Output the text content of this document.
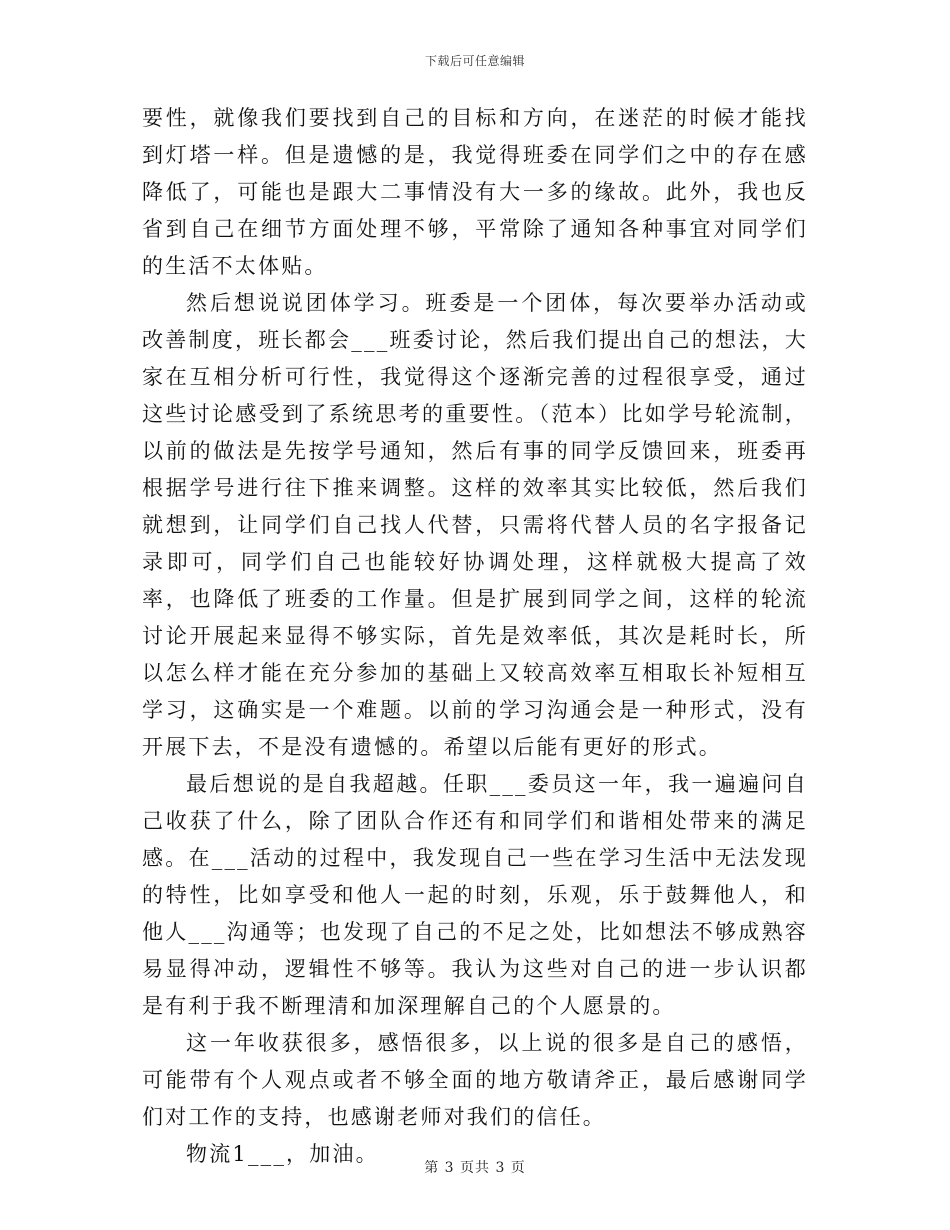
下载后可任意编辑

要性，就像我们要找到自己的目标和方向，在迷茫的时候才能找到灯塔一样。但是遗憾的是，我觉得班委在同学们之中的存在感降低了，可能也是跟大二事情没有大一多的缘故。此外，我也反省到自己在细节方面处理不够，平常除了通知各种事宜对同学们的生活不太体贴。

然后想说说团体学习。班委是一个团体，每次要举办活动或改善制度，班长都会___班委讨论，然后我们提出自己的想法，大家在互相分析可行性，我觉得这个逐渐完善的过程很享受，通过这些讨论感受到了系统思考的重要性。（范本）比如学号轮流制，以前的做法是先按学号通知，然后有事的同学反馈回来，班委再根据学号进行往下推来调整。这样的效率其实比较低，然后我们就想到，让同学们自己找人代替，只需将代替人员的名字报备记录即可，同学们自己也能较好协调处理，这样就极大提高了效率，也降低了班委的工作量。但是扩展到同学之间，这样的轮流讨论开展起来显得不够实际，首先是效率低，其次是耗时长，所以怎么样才能在充分参加的基础上又较高效率互相取长补短相互学习，这确实是一个难题。以前的学习沟通会是一种形式，没有开展下去，不是没有遗憾的。希望以后能有更好的形式。

最后想说的是自我超越。任职___委员这一年，我一遍遍问自己收获了什么，除了团队合作还有和同学们和谐相处带来的满足感。在___活动的过程中，我发现自己一些在学习生活中无法发现的特性，比如享受和他人一起的时刻，乐观，乐于鼓舞他人，和他人___沟通等；也发现了自己的不足之处，比如想法不够成熟容易显得冲动，逻辑性不够等。我认为这些对自己的进一步认识都是有利于我不断理清和加深理解自己的个人愿景的。

这一年收获很多，感悟很多，以上说的很多是自己的感悟，可能带有个人观点或者不够全面的地方敬请斧正，最后感谢同学们对工作的支持，也感谢老师对我们的信任。

物流1___，加油。

第 3 页共 3 页
